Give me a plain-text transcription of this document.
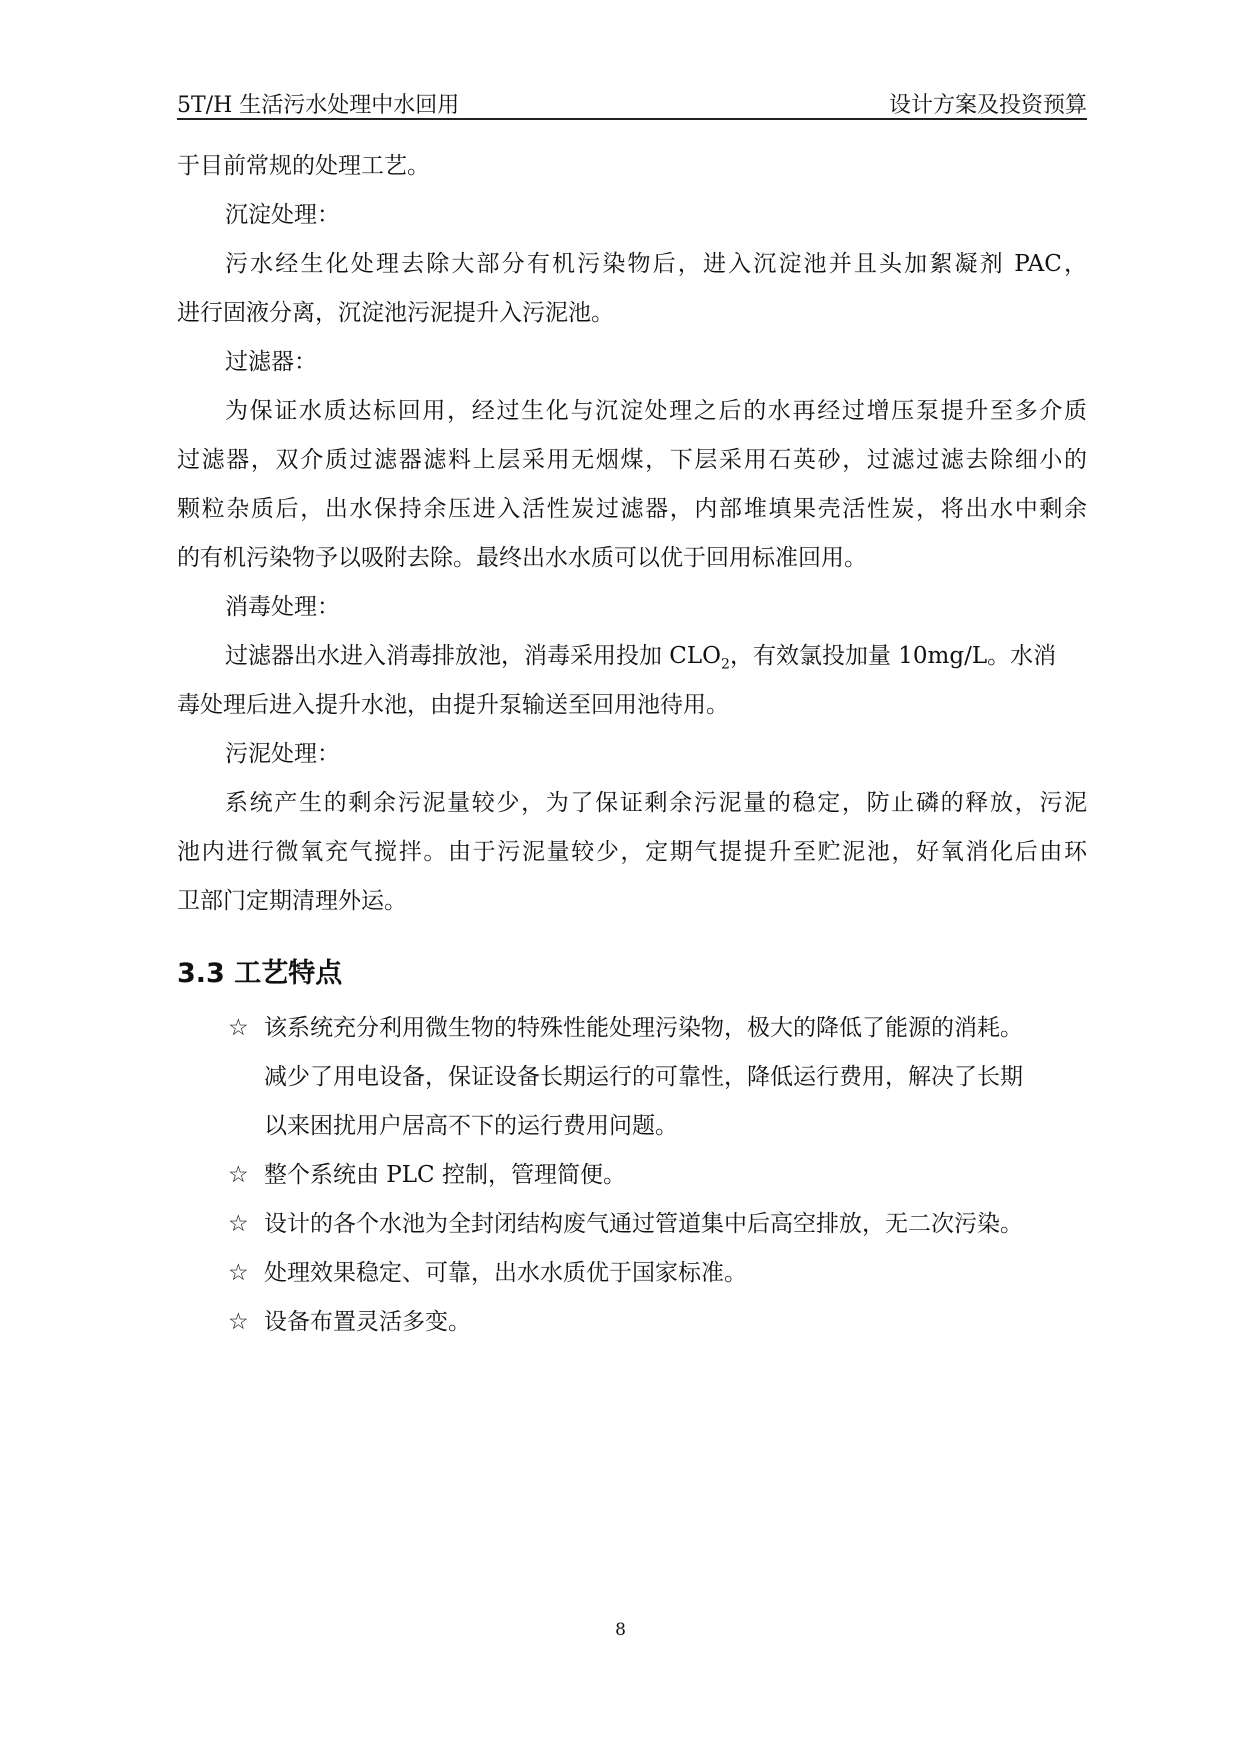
5T/H 生活污水处理中水回用	设计方案及投资预算
于目前常规的处理工艺。
沉淀处理：
污水经生化处理去除大部分有机污染物后，进入沉淀池并且头加絮凝剂 PAC，
进行固液分离，沉淀池污泥提升入污泥池。
过滤器：
为保证水质达标回用，经过生化与沉淀处理之后的水再经过增压泵提升至多介质
过滤器，双介质过滤器滤料上层采用无烟煤，下层采用石英砂，过滤过滤去除细小的
颗粒杂质后，出水保持余压进入活性炭过滤器，内部堆填果壳活性炭，将出水中剩余
的有机污染物予以吸附去除。最终出水水质可以优于回用标准回用。
消毒处理：
过滤器出水进入消毒排放池，消毒采用投加 $CLO_2$，有效氯投加量 10mg/L。水消
毒处理后进入提升水池，由提升泵输送至回用池待用。
污泥处理：
系统产生的剩余污泥量较少，为了保证剩余污泥量的稳定，防止磷的释放，污泥
池内进行微氧充气搅拌。由于污泥量较少，定期气提提升至贮泥池，好氧消化后由环
卫部门定期清理外运。
3.3 工艺特点
☆ 该系统充分利用微生物的特殊性能处理污染物，极大的降低了能源的消耗。
减少了用电设备，保证设备长期运行的可靠性，降低运行费用，解决了长期
以来困扰用户居高不下的运行费用问题。
☆ 整个系统由 PLC 控制，管理简便。
☆ 设计的各个水池为全封闭结构废气通过管道集中后高空排放，无二次污染。
☆ 处理效果稳定、可靠，出水水质优于国家标准。
☆ 设备布置灵活多变。
8
